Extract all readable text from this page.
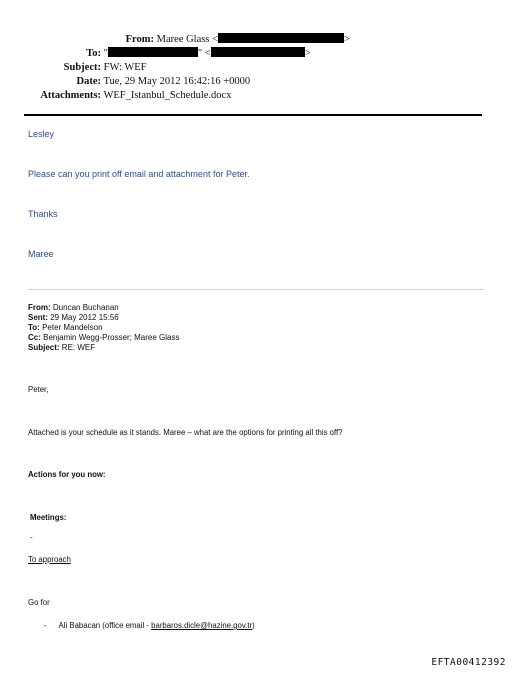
From: Maree Glass <	>
To: "	" <	>
Subject: FW: WEF
Date: Tue, 29 May 2012 16:42:16 +0000
Attachments: WEF_Istanbul_Schedule.docx
Lesley
Please can you print off email and attachment for Peter.
Thanks
Maree
From: Duncan Buchanan
Sent: 29 May 2012 15:56
To: Peter Mandelson
Cc: Benjamin Wegg-Prosser; Maree Glass
Subject: RE: WEF
Peter,
Attached is your schedule as it stands. Maree – what are the options for printing all this off?
Actions for you now:
Meetings:
-
To approach
Go for
- Ali Babacan (office email - barbaros.dicle@hazine.gov.tr)
EFTA00412392
